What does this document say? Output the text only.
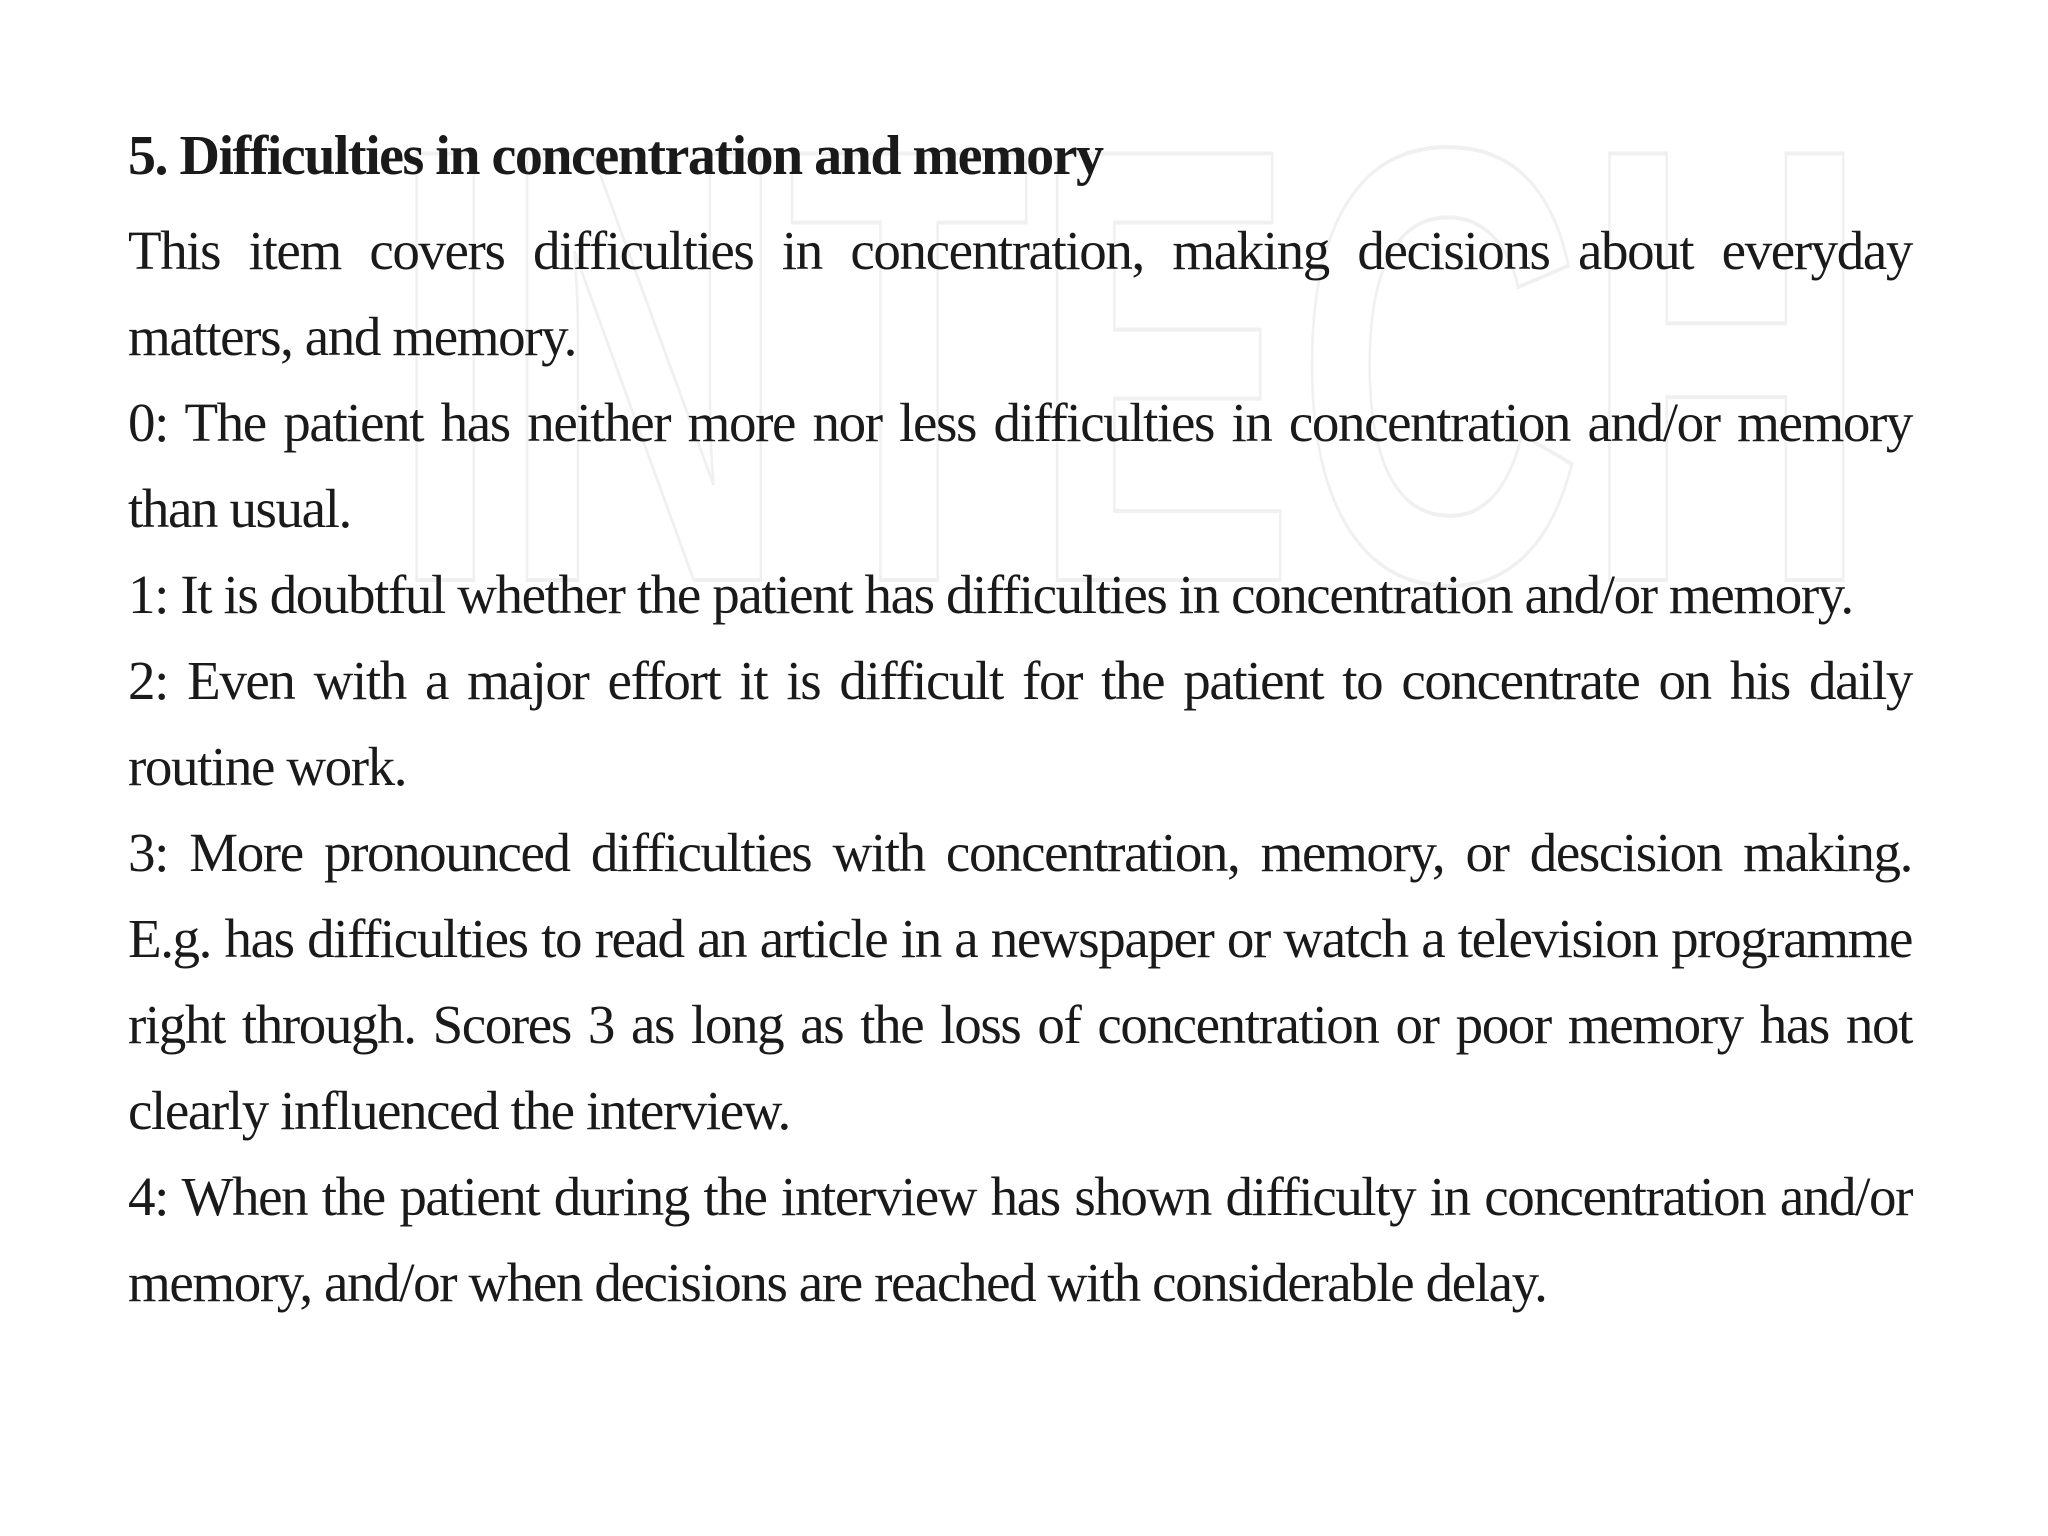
INTECH
5. Difficulties in concentration and memory

This item covers difficulties in concentration, making decisions about everyday matters, and memory.

0: The patient has neither more nor less difficulties in concentration and/or memory than usual.

1: It is doubtful whether the patient has difficulties in concentration and/or memory.

2: Even with a major effort it is difficult for the patient to concentrate on his daily routine work.

3: More pronounced difficulties with concentration, memory, or descision making. E.g. has difficulties to read an article in a newspaper or watch a television programme right through. Scores 3 as long as the loss of concentration or poor memory has not clearly influenced the interview.

4: When the patient during the interview has shown difficulty in concentration and/or memory, and/or when decisions are reached with considerable delay.
